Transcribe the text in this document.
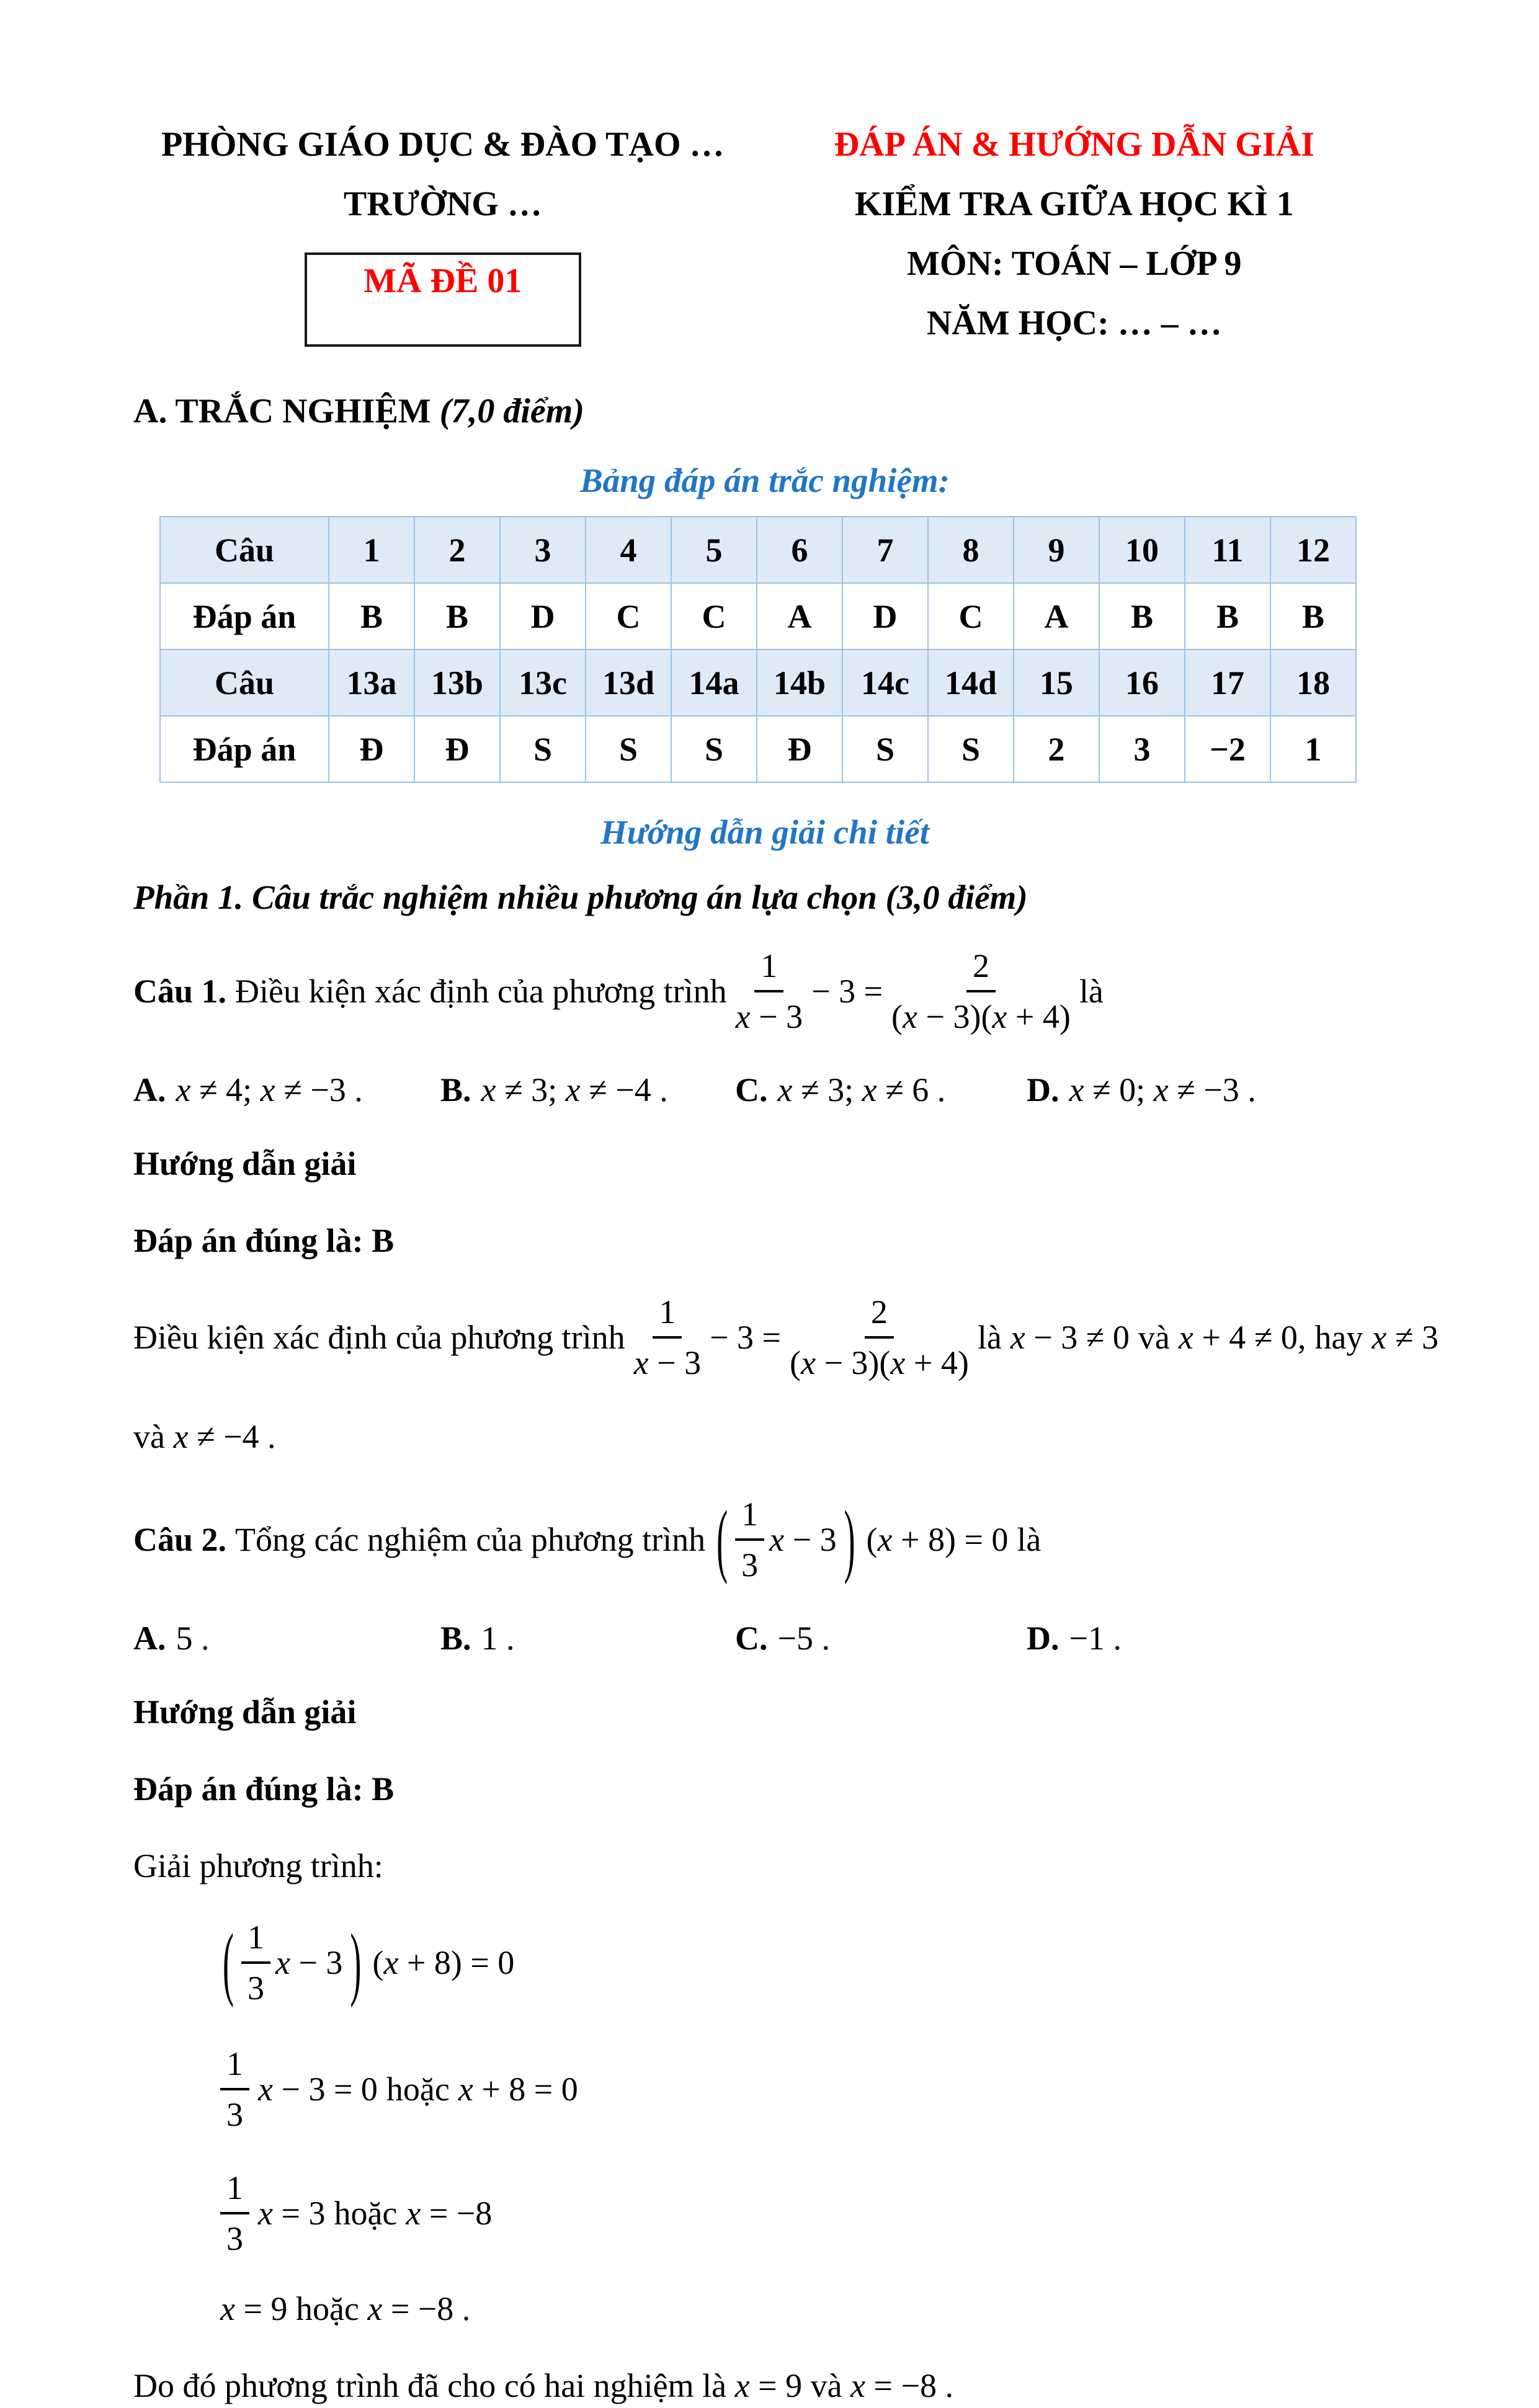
PHÒNG GIÁO DỤC & ĐÀO TẠO …

TRƯỜNG …

MÃ ĐỀ 01

ĐÁP ÁN & HƯỚNG DẪN GIẢI

KIỂM TRA GIỮA HỌC KÌ 1

MÔN: TOÁN – LỚP 9

NĂM HỌC: … – …

A. TRẮC NGHIỆM (7,0 điểm)

Bảng đáp án trắc nghiệm:

Câu	1	2	3	4	5	6	7	8	9	10	11	12
Đáp án	B	B	D	C	C	A	D	C	A	B	B	B
Câu	13a	13b	13c	13d	14a	14b	14c	14d	15	16	17	18
Đáp án	Đ	Đ	S	S	S	Đ	S	S	2	3	−2	1

Hướng dẫn giải chi tiết

Phần 1. Câu trắc nghiệm nhiều phương án lựa chọn (3,0 điểm)

Câu 1. Điều kiện xác định của phương trình $\frac{1}{x - 3} - 3 = \frac{2}{(x - 3)(x + 4)}$ là
A. x ≠ 4; x ≠ −3 . B. x ≠ 3; x ≠ −4 . C. x ≠ 3; x ≠ 6 . D. x ≠ 0; x ≠ −3 .

Hướng dẫn giải

Đáp án đúng là: B

Điều kiện xác định của phương trình $\frac{1}{x - 3} - 3 = \frac{2}{(x - 3)(x + 4)}$ là x − 3 ≠ 0 và x + 4 ≠ 0, hay x ≠ 3

và x ≠ −4 .

Câu 2. Tổng các nghiệm của phương trình ( $\frac{1}{3}$ x − 3 ) (x + 8) = 0 là
A. 5 .	B. 1 .	C. −5 .	D. −1 .

Hướng dẫn giải

Đáp án đúng là: B

Giải phương trình:

( $\frac{1}{3}$ x − 3 ) (x + 8) = 0
$\frac{1}{3}$ x − 3 = 0 hoặc x + 8 = 0
$\frac{1}{3}$ x = 3 hoặc x = −8

x = 9 hoặc x = −8 .

Do đó phương trình đã cho có hai nghiệm là x = 9 và x = −8 .
